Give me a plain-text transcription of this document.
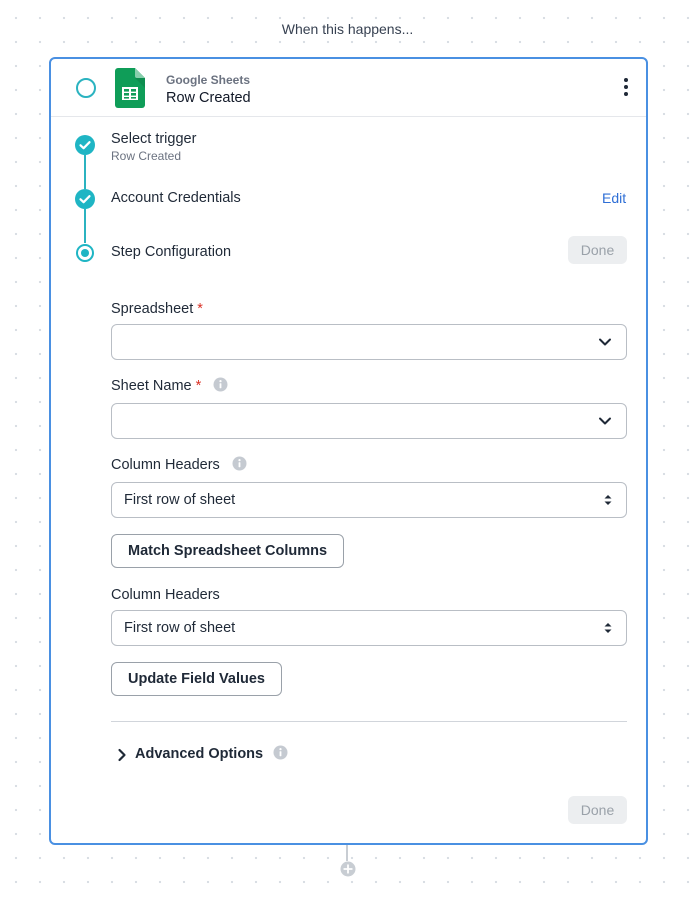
When this happens...
Google Sheets
Row Created
Select trigger
Row Created
Account Credentials	Edit
Step Configuration	Done
Spreadsheet *
Sheet Name *
Column Headers
First row of sheet
Match Spreadsheet Columns
Column Headers
First row of sheet
Update Field Values
Advanced Options
Done
